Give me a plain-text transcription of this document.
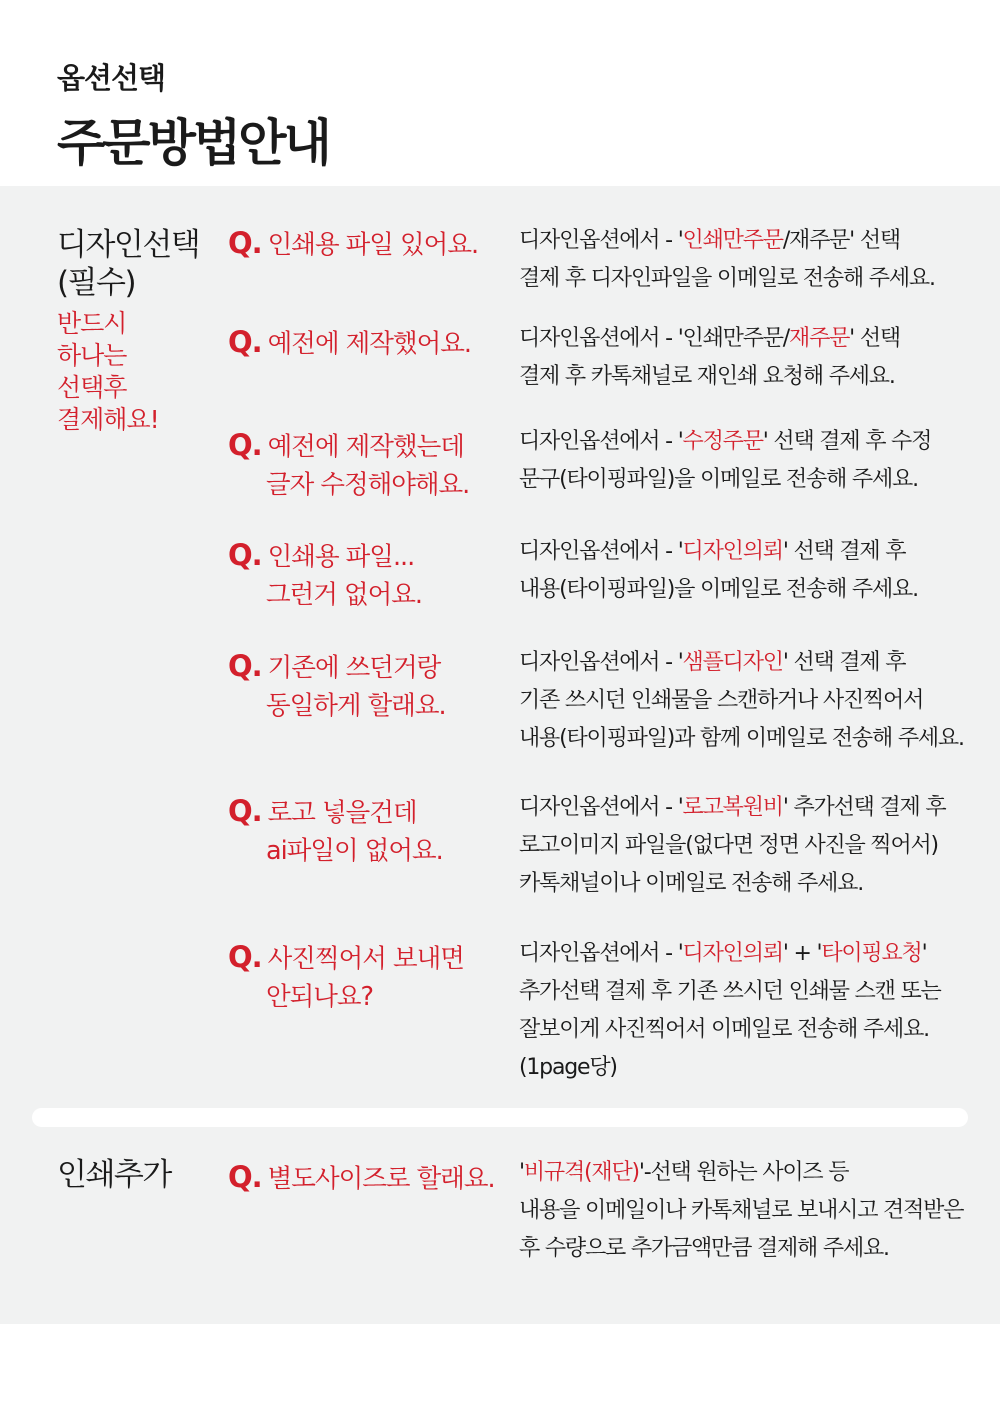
옵션선택
주문방법안내
디자인선택
(필수)
반드시
하나는
선택후
결제해요!
Q. 인쇄용 파일 있어요. 디자인옵션에서 - '인쇄만주문/재주문' 선택
결제 후 디자인파일을 이메일로 전송해 주세요.
Q. 예전에 제작했어요. 디자인옵션에서 - '인쇄만주문/재주문' 선택
결제 후 카톡채널로 재인쇄 요청해 주세요.
Q. 예전에 제작했는데
글자 수정해야해요.
디자인옵션에서 - '수정주문' 선택 결제 후 수정
문구(타이핑파일)을 이메일로 전송해 주세요.
Q. 인쇄용 파일...
그런거 없어요.
디자인옵션에서 - '디자인의뢰' 선택 결제 후
내용(타이핑파일)을 이메일로 전송해 주세요.
Q. 기존에 쓰던거랑
동일하게 할래요.
디자인옵션에서 - '샘플디자인' 선택 결제 후
기존 쓰시던 인쇄물을 스캔하거나 사진찍어서
내용(타이핑파일)과 함께 이메일로 전송해 주세요.
Q. 로고 넣을건데
ai파일이 없어요.
디자인옵션에서 - '로고복원비' 추가선택 결제 후
로고이미지 파일을(없다면 정면 사진을 찍어서)
카톡채널이나 이메일로 전송해 주세요.
Q. 사진찍어서 보내면
안되나요?
디자인옵션에서 - '디자인의뢰' + '타이핑요청'
추가선택 결제 후 기존 쓰시던 인쇄물 스캔 또는
잘보이게 사진찍어서 이메일로 전송해 주세요.
(1page당)
인쇄추가 Q. 별도사이즈로 할래요. '비규격(재단)'-선택 원하는 사이즈 등
내용을 이메일이나 카톡채널로 보내시고 견적받은
후 수량으로 추가금액만큼 결제해 주세요.
